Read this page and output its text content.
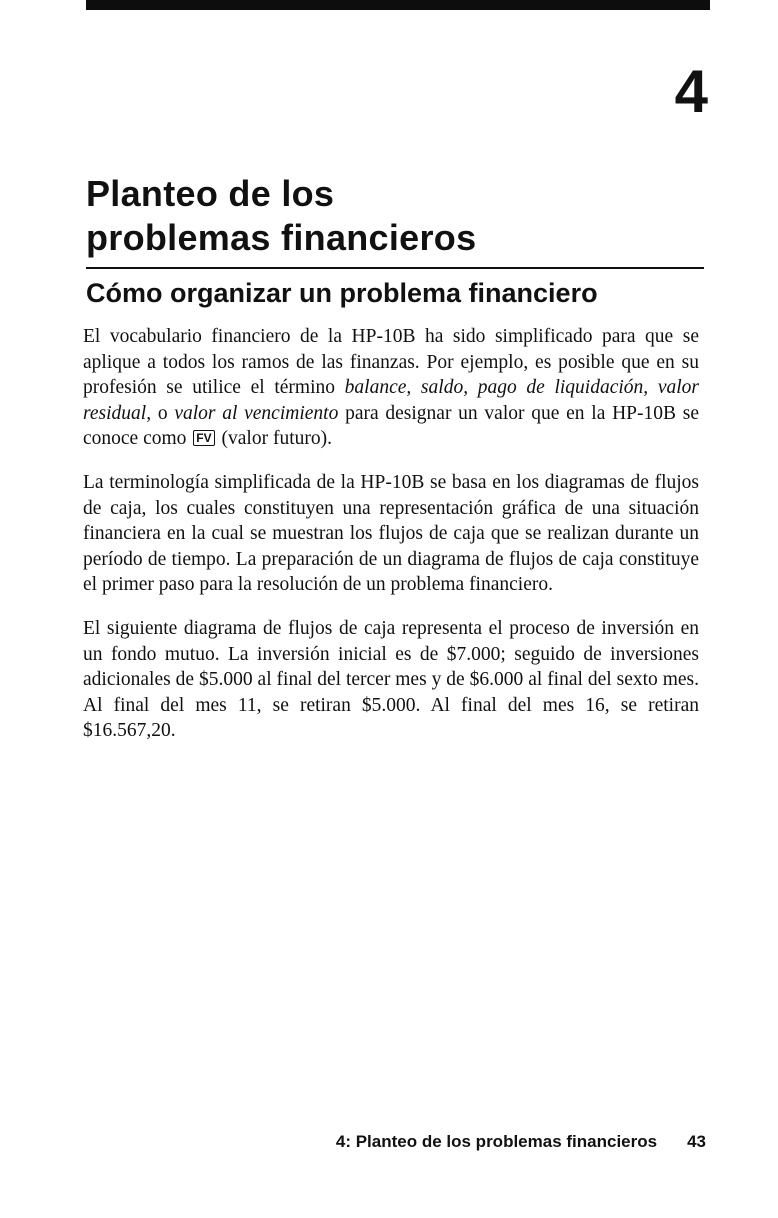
4
Planteo de los
problemas financieros
Cómo organizar un problema financiero

El vocabulario financiero de la HP-10B ha sido simplificado para que se aplique a todos los ramos de las finanzas. Por ejemplo, es posible que en su profesión se utilice el término balance, saldo, pago de liquidación, valor residual, o valor al vencimiento para designar un valor que en la HP-10B se conoce como FV (valor futuro).

La terminología simplificada de la HP-10B se basa en los diagramas de flujos de caja, los cuales constituyen una representación gráfica de una situación financiera en la cual se muestran los flujos de caja que se realizan durante un período de tiempo. La preparación de un diagrama de flujos de caja constituye el primer paso para la resolución de un problema financiero.

El siguiente diagrama de flujos de caja representa el proceso de inversión en un fondo mutuo. La inversión inicial es de $7.000; seguido de inversiones adicionales de $5.000 al final del tercer mes y de $6.000 al final del sexto mes. Al final del mes 11, se retiran $5.000. Al final del mes 16, se retiran $16.567,20.

4: Planteo de los problemas financieros 43
